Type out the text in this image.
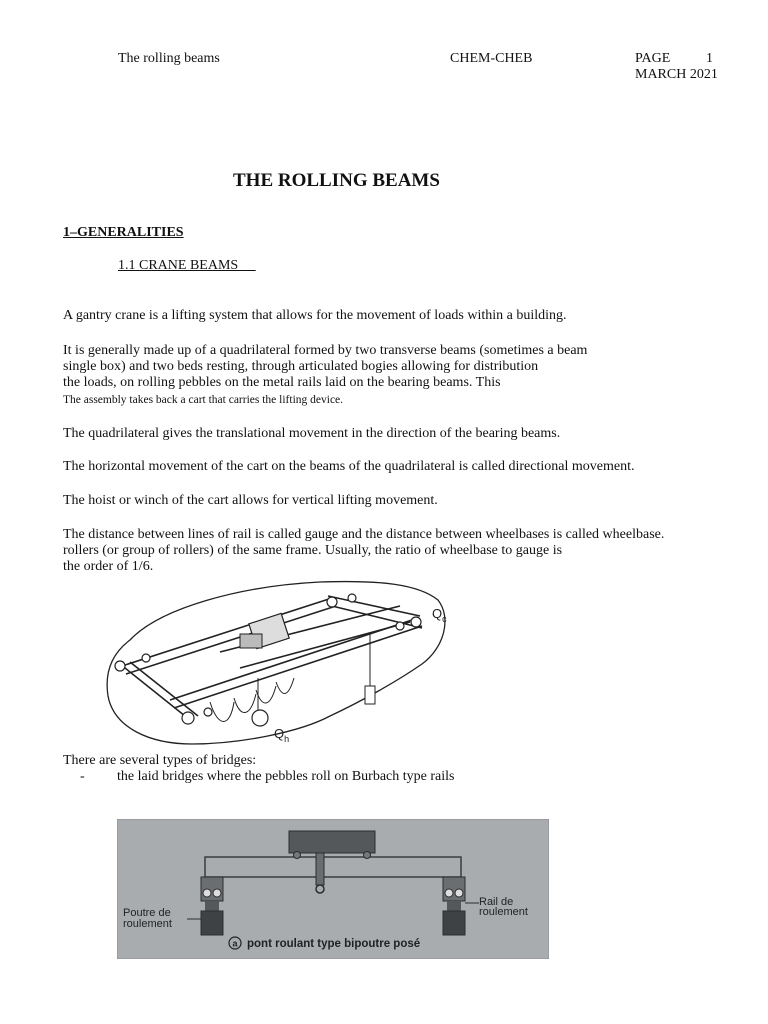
The rolling beams	CHEM-CHEB	PAGE	1
MARCH 2021
THE ROLLING BEAMS
1–GENERALITIES
1.1 CRANE BEAMS
A gantry crane is a lifting system that allows for the movement of loads within a building.
It is generally made up of a quadrilateral formed by two transverse beams (sometimes a beam
single box) and two beds resting, through articulated bogies allowing for distribution
the loads, on rolling pebbles on the metal rails laid on the bearing beams. This
The assembly takes back a cart that carries the lifting device.
The quadrilateral gives the translational movement in the direction of the bearing beams.
The horizontal movement of the cart on the beams of the quadrilateral is called directional movement.
The hoist or winch of the cart allows for vertical lifting movement.
The distance between lines of rail is called gauge and the distance between wheelbases is called wheelbase.
rollers (or group of rollers) of the same frame. Usually, the ratio of wheelbase to gauge is
the order of 1/6.
$Q_c$
$Q_h$
There are several types of bridges:
- the laid bridges where the pebbles roll on Burbach type rails
Poutre de
roulement
Rail de
roulement
a pont roulant type bipoutre posé
